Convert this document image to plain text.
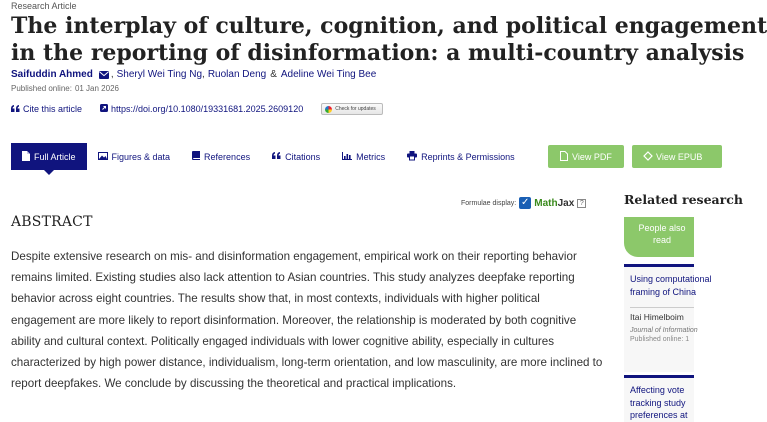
Research Article
The interplay of culture, cognition, and political engagement
in the reporting of disinformation: a multi-country analysis
Saifuddin Ahmed , Sheryl Wei Ting Ng , Ruolan Deng & Adeline Wei Ting Bee
Published online: 01 Jan 2026
Cite this article	https://doi.org/10.1080/19331681.2025.2609120	Check for updates
Full Article	Figures & data	References	Citations	Metrics	Reprints & Permissions	View PDF	View EPUB
Formulae display: ✓ MathJax ?
ABSTRACT

Despite extensive research on mis- and disinformation engagement, empirical work on their reporting behavior remains limited. Existing studies also lack attention to Asian countries. This study analyzes deepfake reporting behavior across eight countries. The results show that, in most contexts, individuals with higher political engagement are more likely to report disinformation. Moreover, the relationship is moderated by both cognitive ability and cultural context. Politically engaged individuals with lower cognitive ability, especially in cultures characterized by high power distance, individualism, long-term orientation, and low masculinity, are more inclined to report deepfakes. We conclude by discussing the theoretical and practical implications.

Related research
People also read
Using computational
framing of China
Itai Himelboim
Journal of Information
Published online: 1
Affecting vote
tracking study
preferences at
